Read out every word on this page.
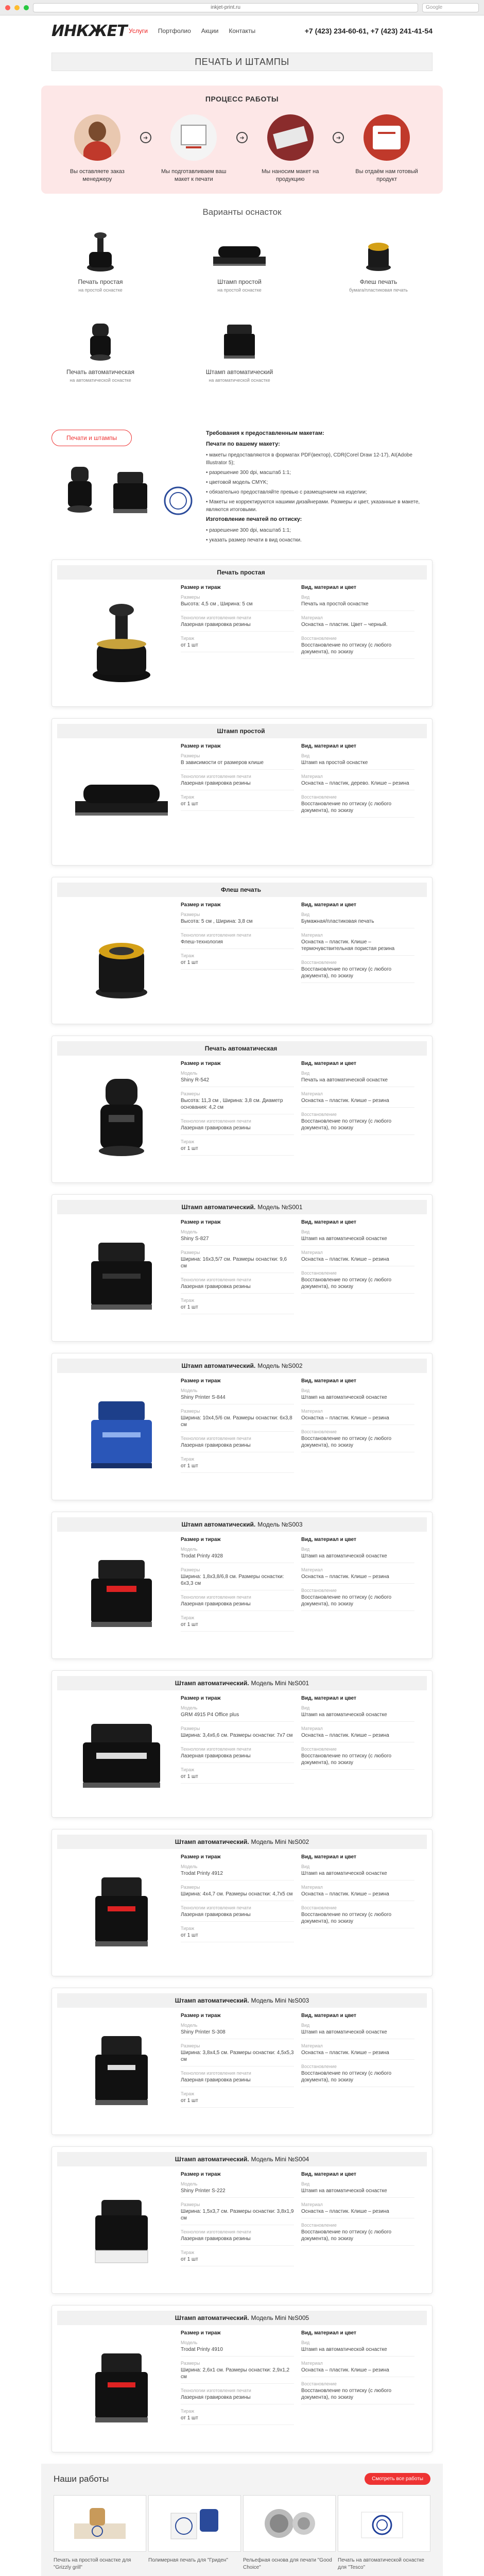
inkjet-print.ru	Google
ИНКЖЕТ Услуги Портфолио Акции Контакты	+7 (423) 234-60-61, +7 (423) 241-41-54
ПЕЧАТЬ И ШТАМПЫ
ПРОЦЕСС РАБОТЫ
Вы оставляете заказ менеджеру
➜
Мы подготавливаем ваш макет к печати
➜
Мы наносим макет на продукцию
➜
Вы отдаём нам готовый продукт
Варианты оснасток
Печать простая
на простой оснастке
Штамп простой
на простой оснастке
Флеш печать
бумага/пластиковая печать
Печать автоматическая
на автоматической оснастке
Штамп автоматический
на автоматической оснастке
Печати и штампы
Требования к предоставленным макетам:
Печати по вашему макету:
• макеты предоставляются в форматах PDF(вектор), CDR(Corel Draw 12-17), AI(Adobe Illustrator 5);
• разрешение 300 dpi, масштаб 1:1;
• цветовой модель CMYK;
• обязательно предоставляйте превью с размещением на изделии;
• Макеты не корректируются нашими дизайнерами. Размеры и цвет, указанные в макете, являются итоговыми.
Изготовление печатей по оттиску:
• разрешение 300 dpi, масштаб 1:1;
• указать размер печати в вид оснастки.
Печать простая
Размер и тираж
Размеры
Высота: 4,5 см , Ширина: 5 см
Технологии изготовления печати
Лазерная гравировка резины
Тираж
от 1 шт
Вид, материал и цвет
Вид
Печать на простой оснастке
Материал
Оснастка – пластик. Цвет – черный.
Восстановление
Восстановление по оттиску (с любого документа), по эскизу
Штамп простой
Размер и тираж
Размеры
В зависимости от размеров клише
Технологии изготовления печати
Лазерная гравировка резины
Тираж
от 1 шт
Вид, материал и цвет
Вид
Штамп на простой оснастке
Материал
Оснастка – пластик, дерево. Клише – резина
Восстановление
Восстановление по оттиску (с любого документа), по эскизу
Флеш печать
Размер и тираж
Размеры
Высота: 5 см , Ширина: 3,8 см
Технологии изготовления печати
Флеш-технология
Тираж
от 1 шт
Вид, материал и цвет
Вид
Бумажная/пластиковая печать
Материал
Оснастка – пластик. Клише – термочувствительная пористая резина
Восстановление
Восстановление по оттиску (с любого документа), по эскизу
Печать автоматическая
Размер и тираж
Модель
Shiny R-542
Размеры
Высота: 11,3 см , Ширина: 3,8 см. Диаметр основания: 4,2 см
Технологии изготовления печати
Лазерная гравировка резины
Тираж
от 1 шт
Вид, материал и цвет
Вид
Печать на автоматической оснастке
Материал
Оснастка – пластик. Клише – резина
Восстановление
Восстановление по оттиску (с любого документа), по эскизу
Штамп автоматический. Модель №S001
Размер и тираж
Модель
Shiny S-827
Размеры
Ширина: 16х3,5/7 см. Размеры оснастки: 9,6 см
Технологии изготовления печати
Лазерная гравировка резины
Тираж
от 1 шт
Вид, материал и цвет
Вид
Штамп на автоматической оснастке
Материал
Оснастка – пластик. Клише – резина
Восстановление
Восстановление по оттиску (с любого документа), по эскизу
Штамп автоматический. Модель №S002
Размер и тираж
Модель
Shiny Printer S-844
Размеры
Ширина: 10х4,5/6 см. Размеры оснастки: 6х3,8 см
Технологии изготовления печати
Лазерная гравировка резины
Тираж
от 1 шт
Вид, материал и цвет
Вид
Штамп на автоматической оснастке
Материал
Оснастка – пластик. Клише – резина
Восстановление
Восстановление по оттиску (с любого документа), по эскизу
Штамп автоматический. Модель №S003
Размер и тираж
Модель
Trodat Printy 4928
Размеры
Ширина: 1,8х3,8/6,8 см. Размеры оснастки: 6х3,3 см
Технологии изготовления печати
Лазерная гравировка резины
Тираж
от 1 шт
Вид, материал и цвет
Вид
Штамп на автоматической оснастке
Материал
Оснастка – пластик. Клише – резина
Восстановление
Восстановление по оттиску (с любого документа), по эскизу
Штамп автоматический. Модель Mini №S001
Размер и тираж
Модель
GRM 4915 P4 Office plus
Размеры
Ширина: 3,4х6,6 см. Размеры оснастки: 7х7 см
Технологии изготовления печати
Лазерная гравировка резины
Тираж
от 1 шт
Вид, материал и цвет
Вид
Штамп на автоматической оснастке
Материал
Оснастка – пластик. Клише – резина
Восстановление
Восстановление по оттиску (с любого документа), по эскизу
Штамп автоматический. Модель Mini №S002
Размер и тираж
Модель
Trodat Printy 4912
Размеры
Ширина: 4х4,7 см. Размеры оснастки: 4,7х5 см
Технологии изготовления печати
Лазерная гравировка резины
Тираж
от 1 шт
Вид, материал и цвет
Вид
Штамп на автоматической оснастке
Материал
Оснастка – пластик. Клише – резина
Восстановление
Восстановление по оттиску (с любого документа), по эскизу
Штамп автоматический. Модель Mini №S003
Размер и тираж
Модель
Shiny Printer S-308
Размеры
Ширина: 3,8х4,5 см. Размеры оснастки: 4,5х5,3 см
Технологии изготовления печати
Лазерная гравировка резины
Тираж
от 1 шт
Вид, материал и цвет
Вид
Штамп на автоматической оснастке
Материал
Оснастка – пластик. Клише – резина
Восстановление
Восстановление по оттиску (с любого документа), по эскизу
Штамп автоматический. Модель Mini №S004
Размер и тираж
Модель
Shiny Printer S-222
Размеры
Ширина: 1,5х3,7 см. Размеры оснастки: 3,8х1,9 см
Технологии изготовления печати
Лазерная гравировка резины
Тираж
от 1 шт
Вид, материал и цвет
Вид
Штамп на автоматической оснастке
Материал
Оснастка – пластик. Клише – резина
Восстановление
Восстановление по оттиску (с любого документа), по эскизу
Штамп автоматический. Модель Mini №S005
Размер и тираж
Модель
Trodat Printy 4910
Размеры
Ширина: 2,6х1 см. Размеры оснастки: 2,9х1,2 см
Технологии изготовления печати
Лазерная гравировка резины
Тираж
от 1 шт
Вид, материал и цвет
Вид
Штамп на автоматической оснастке
Материал
Оснастка – пластик. Клише – резина
Восстановление
Восстановление по оттиску (с любого документа), по эскизу
Наши работы	Смотреть все работы
Печать на простой оснастке для "Grizzly grill"
Полимерная печать для "Гриден"	Рельефная основа для печати "Good Choice"
Печать на автоматической оснастке для "Tesco"
